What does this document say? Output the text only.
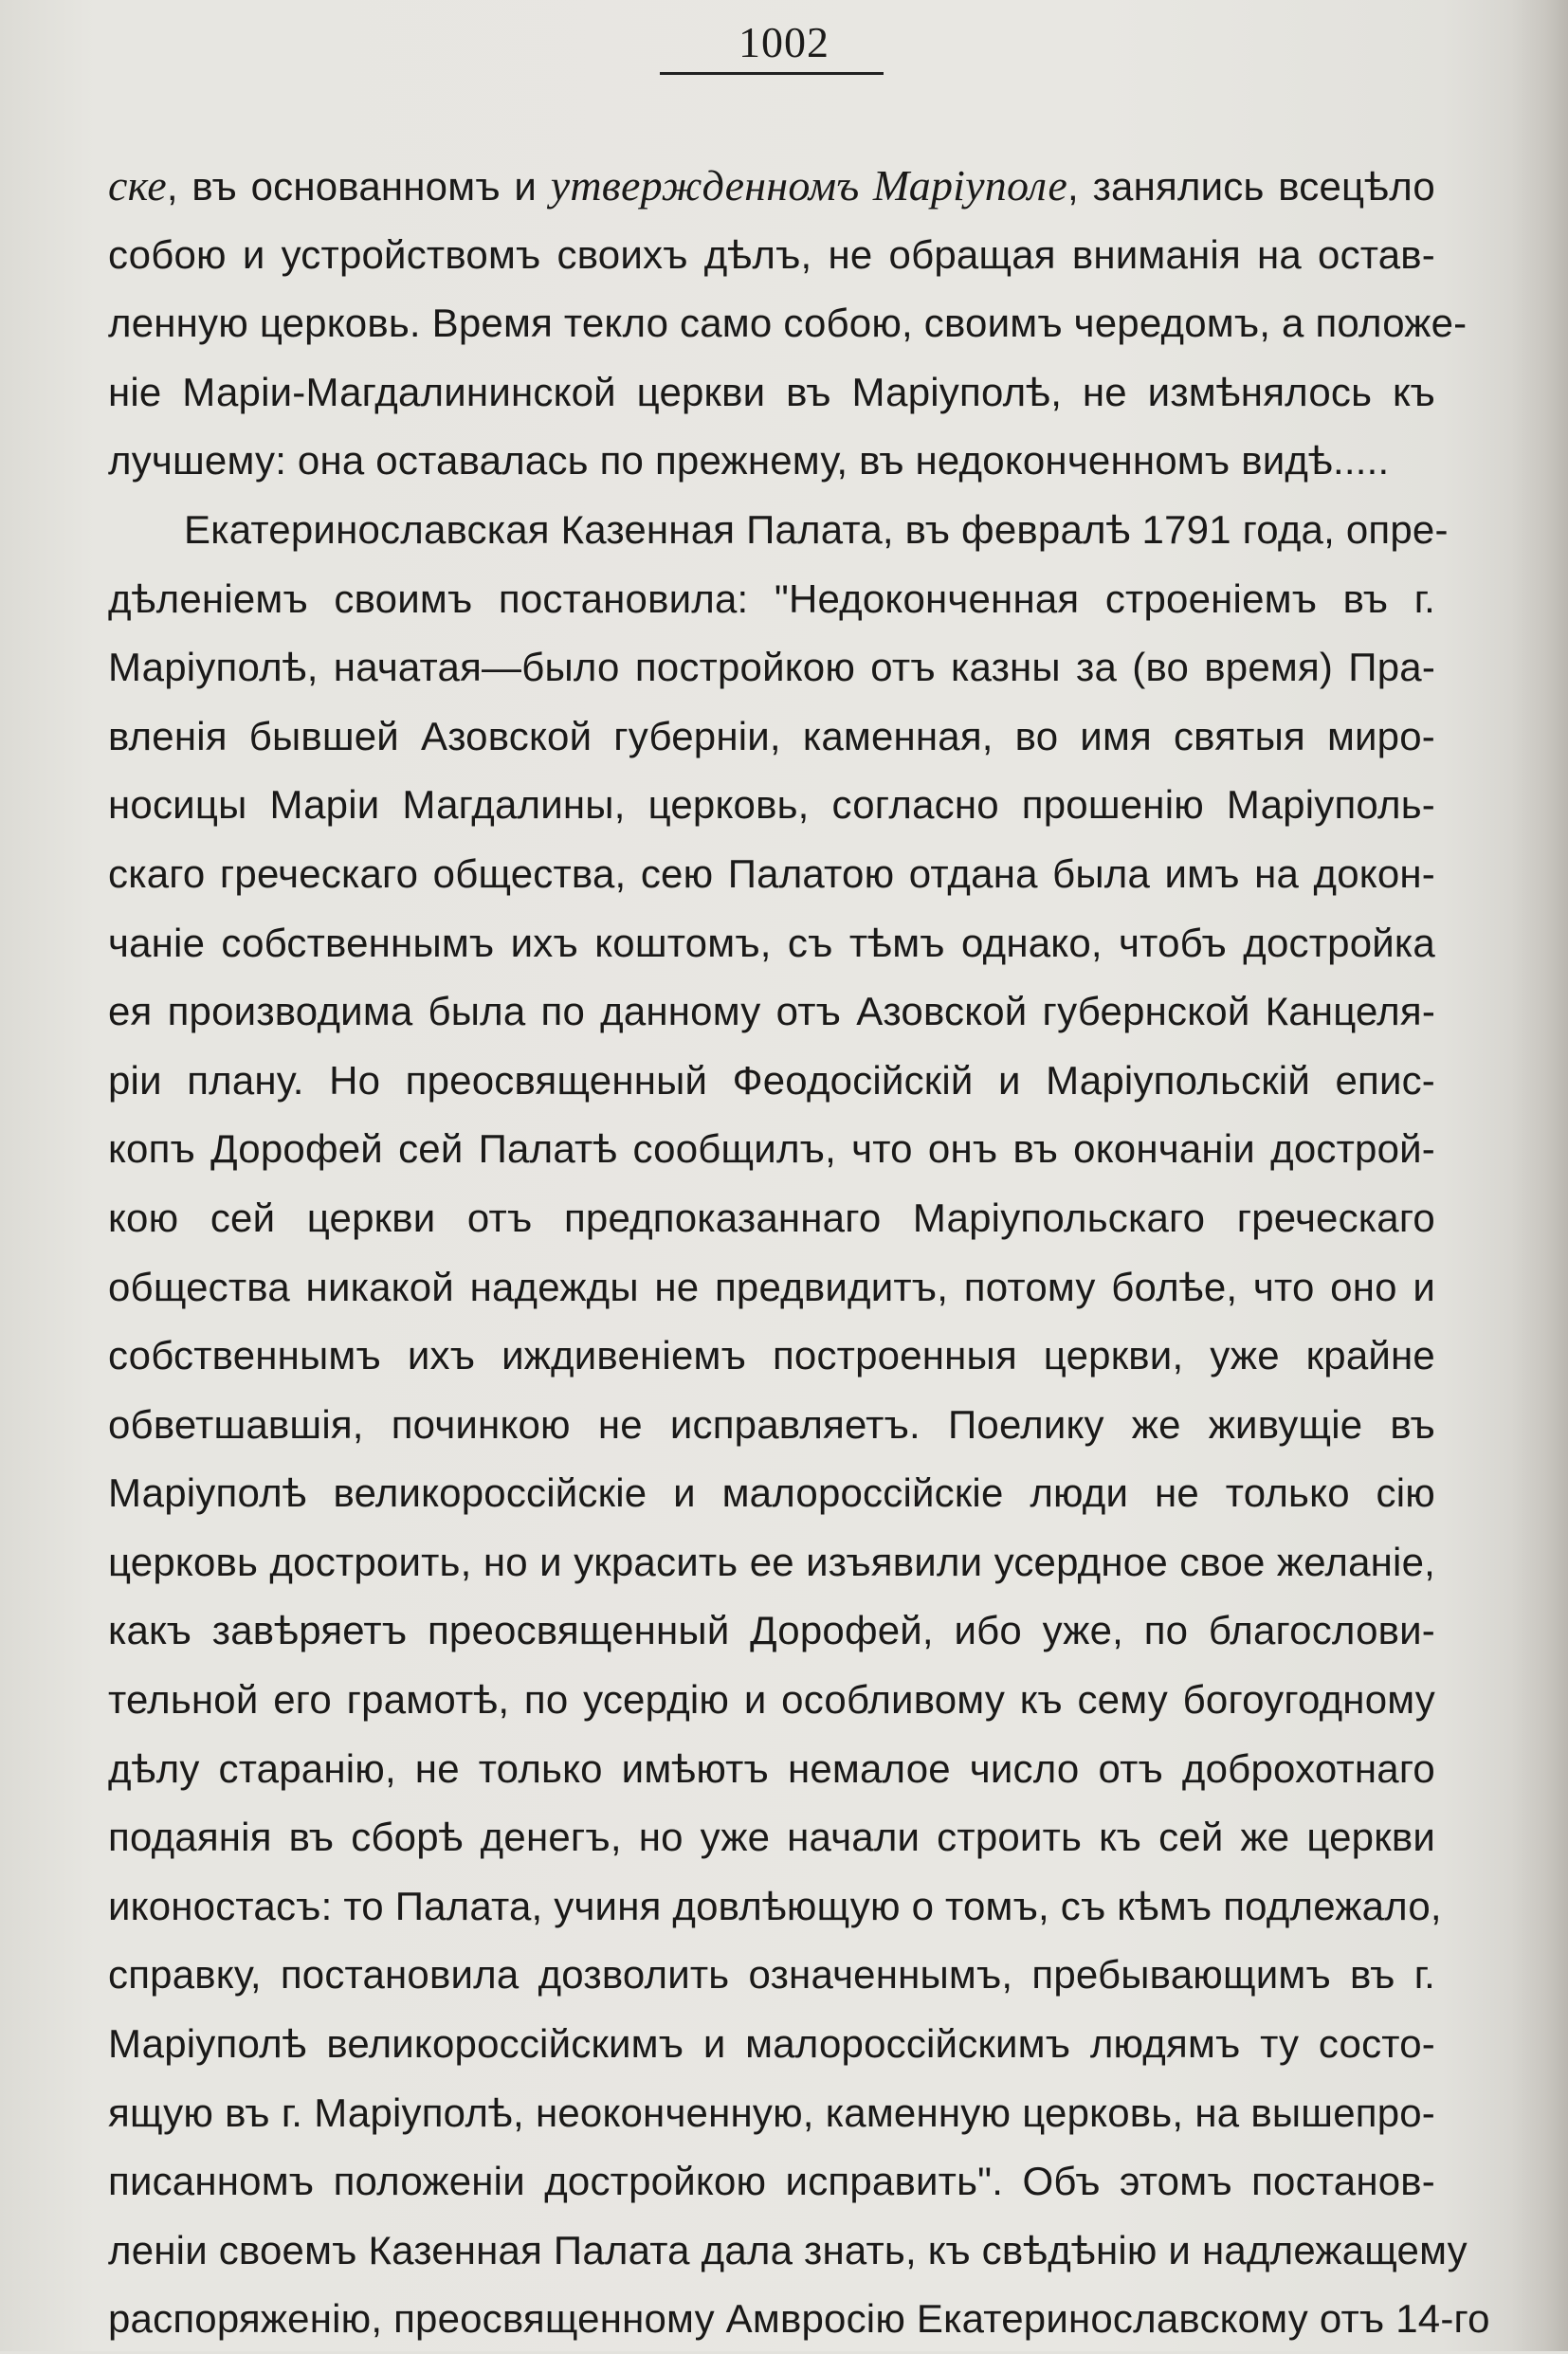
1002
ске, въ основанномъ и утвержденномъ Маріуполе, занялись всецѣло
собою и устройствомъ своихъ дѣлъ, не обращая вниманія на остав-
ленную церковь. Время текло само собою, своимъ чередомъ, а положе-
ніе Маріи-Магдалининской церкви въ Маріуполѣ, не измѣнялось къ
лучшему: она оставалась по прежнему, въ недоконченномъ видѣ.....
Екатеринославская Казенная Палата, въ февралѣ 1791 года, опре-
дѣленіемъ своимъ постановила: "Недоконченная строеніемъ въ г.
Маріуполѣ, начатая—было постройкою отъ казны за (во время) Пра-
вленія бывшей Азовской губерніи, каменная, во имя святыя миро-
носицы Маріи Магдалины, церковь, согласно прошенію Маріуполь-
скаго греческаго общества, сею Палатою отдана была имъ на докон-
чаніе собственнымъ ихъ коштомъ, съ тѣмъ однако, чтобъ достройка
ея производима была по данному отъ Азовской губернской Канцеля-
ріи плану. Но преосвященный Феодосійскій и Маріупольскій епис-
копъ Дорофей сей Палатѣ сообщилъ, что онъ въ окончаніи дострой-
кою сей церкви отъ предпоказаннаго Маріупольскаго греческаго
общества никакой надежды не предвидитъ, потому болѣе, что оно и
собственнымъ ихъ иждивеніемъ построенныя церкви, уже крайне
обветшавшія, починкою не исправляетъ. Поелику же живущіе въ
Маріуполѣ великороссійскіе и малороссійскіе люди не только сію
церковь достроить, но и украсить ее изъявили усердное свое желаніе,
какъ завѣряетъ преосвященный Дорофей, ибо уже, по благослови-
тельной его грамотѣ, по усердію и особливому къ сему богоугодному
дѣлу старанію, не только имѣютъ немалое число отъ доброхотнаго
подаянія въ сборѣ денегъ, но уже начали строить къ сей же церкви
иконостасъ: то Палата, учиня довлѣющую о томъ, съ кѣмъ подлежало,
справку, постановила дозволить означеннымъ, пребывающимъ въ г.
Маріуполѣ великороссійскимъ и малороссійскимъ людямъ ту состо-
ящую въ г. Маріуполѣ, неоконченную, каменную церковь, на вышепро-
писанномъ положеніи достройкою исправить". Объ этомъ постанов-
леніи своемъ Казенная Палата дала знать, къ свѣдѣнію и надлежащему
распоряженію, преосвященному Амвросію Екатеринославскому отъ 14-го
